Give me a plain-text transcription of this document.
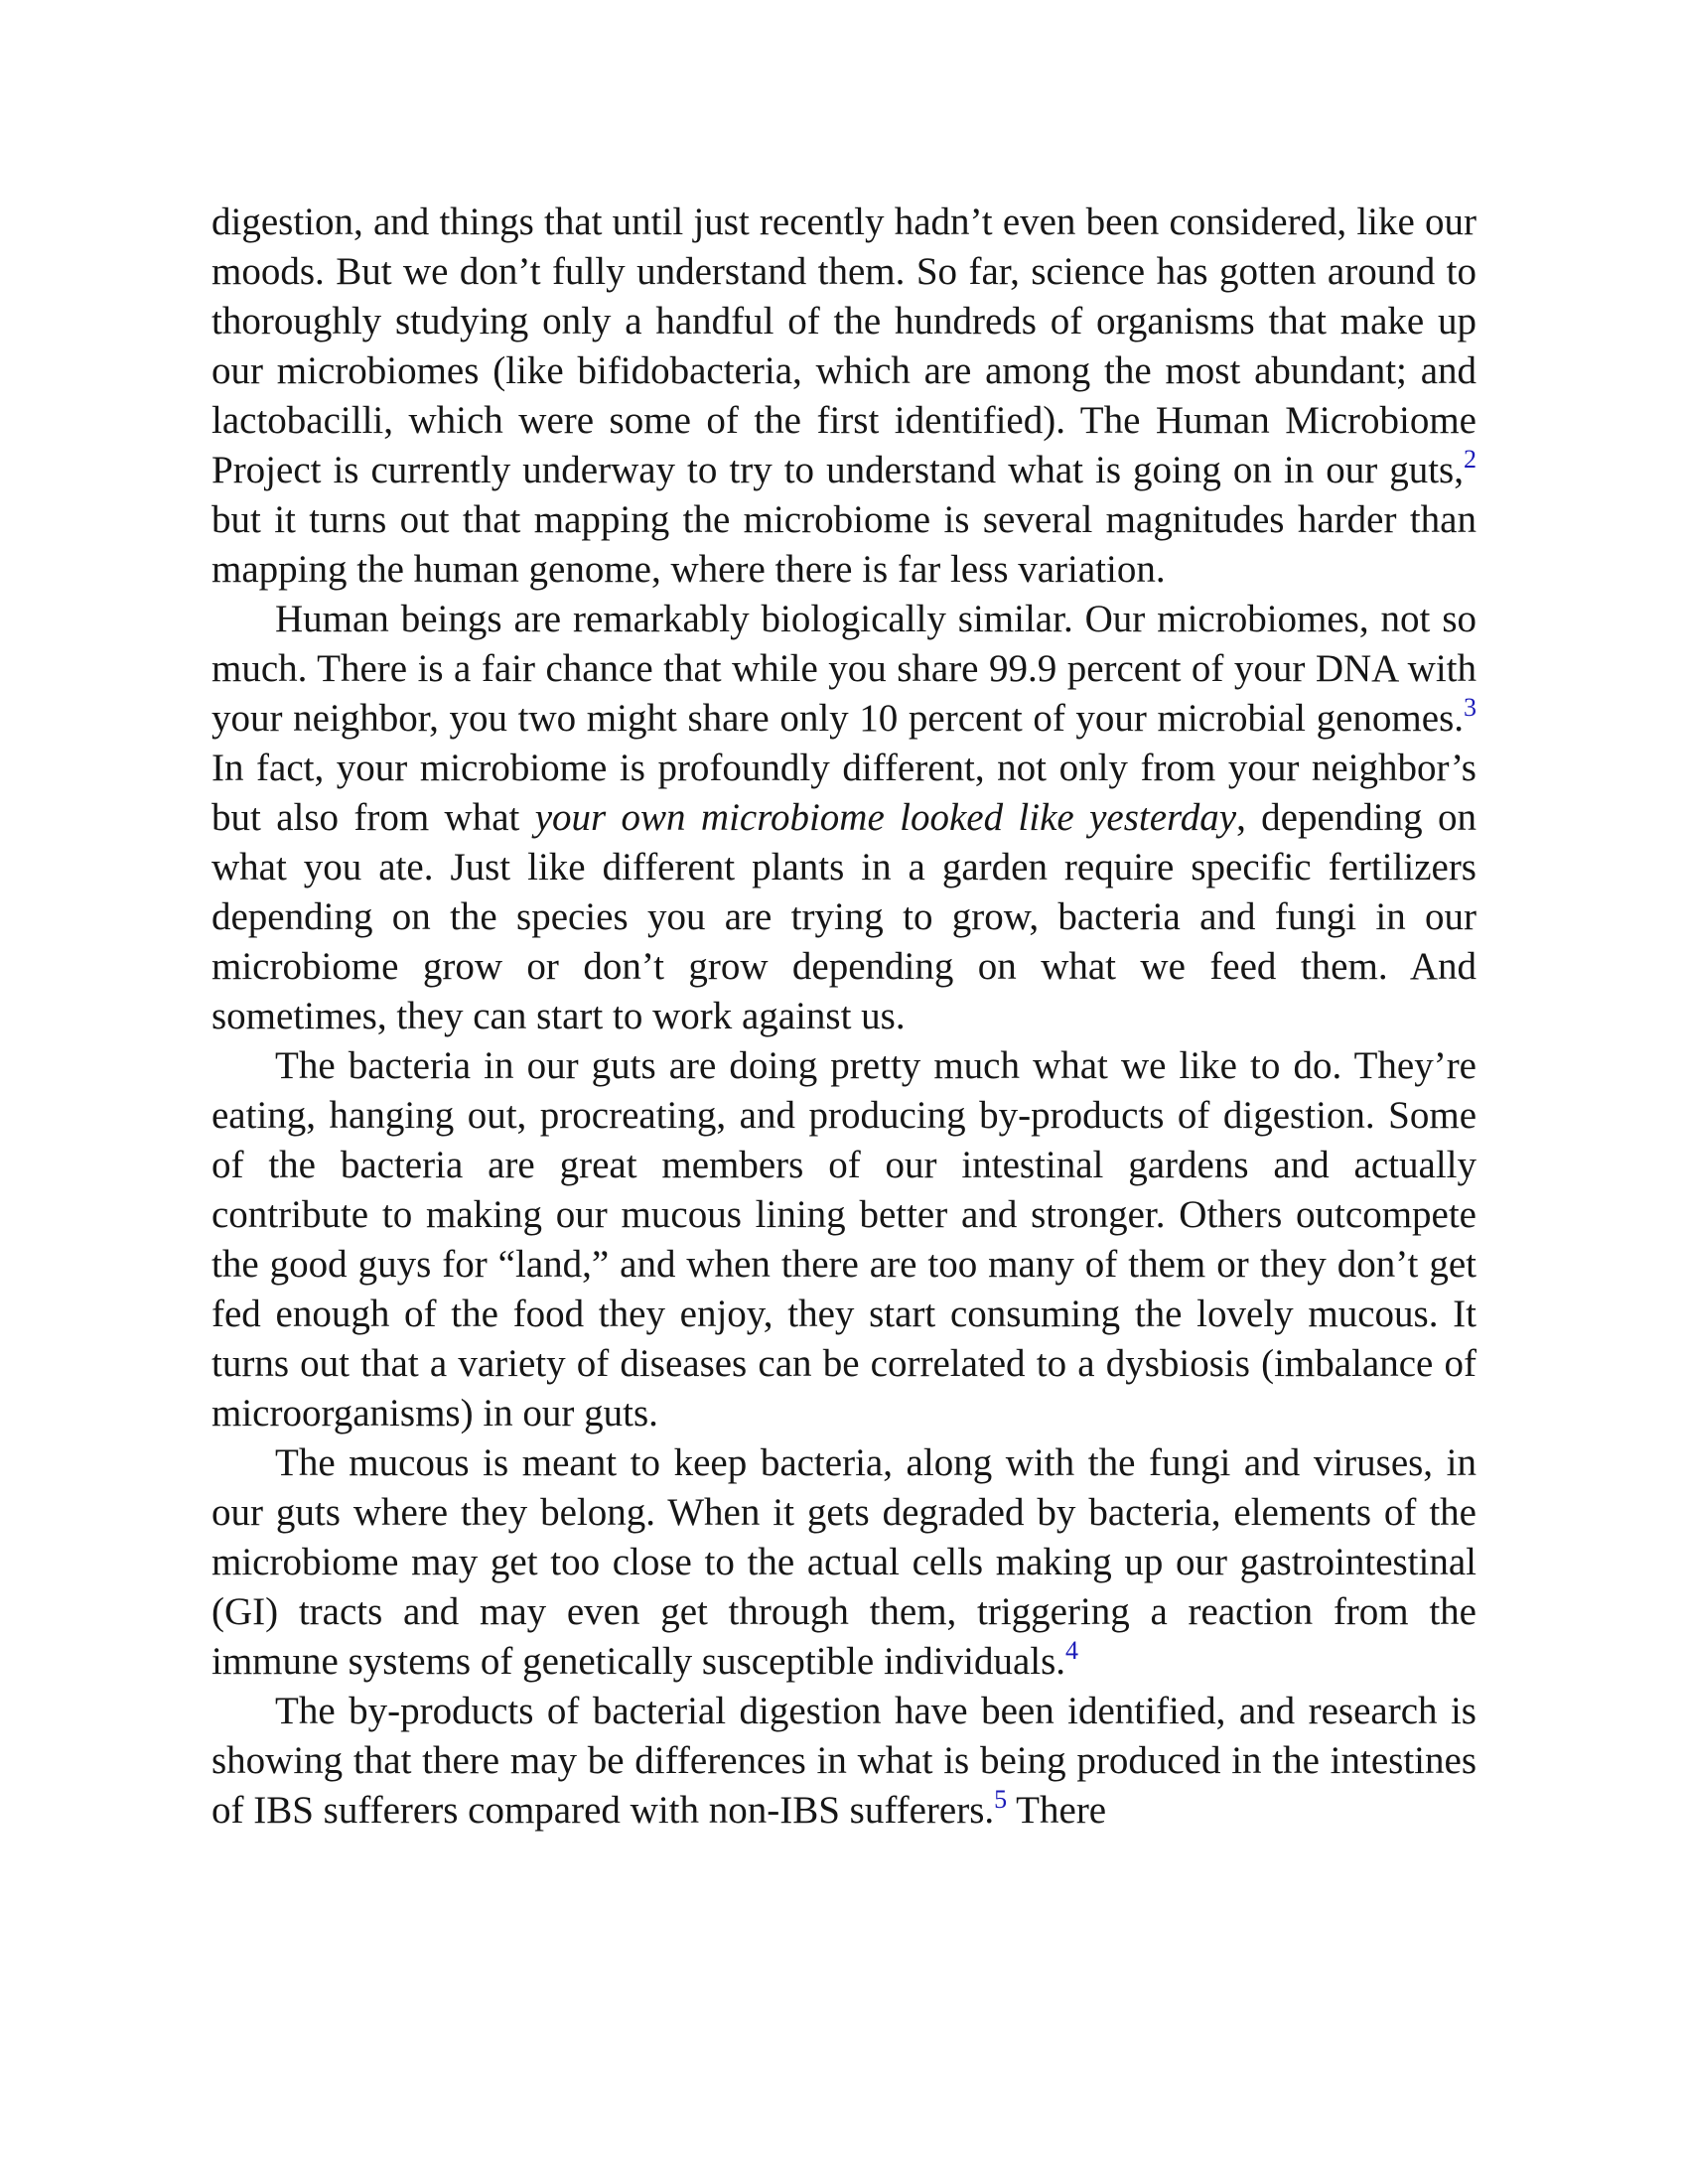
digestion, and things that until just recently hadn’t even been considered, like our moods. But we don’t fully understand them. So far, science has gotten around to thoroughly studying only a handful of the hundreds of organisms that make up our microbiomes (like bifidobacteria, which are among the most abundant; and lactobacilli, which were some of the first identified). The Human Microbiome Project is currently underway to try to understand what is going on in our guts,$^2$ but it turns out that mapping the microbiome is several magnitudes harder than mapping the human genome, where there is far less variation.

Human beings are remarkably biologically similar. Our microbiomes, not so much. There is a fair chance that while you share 99.9 percent of your DNA with your neighbor, you two might share only 10 percent of your microbial genomes.$^3$ In fact, your microbiome is profoundly different, not only from your neighbor’s but also from what your own microbiome looked like yesterday, depending on what you ate. Just like different plants in a garden require specific fertilizers depending on the species you are trying to grow, bacteria and fungi in our microbiome grow or don’t grow depending on what we feed them. And sometimes, they can start to work against us.

The bacteria in our guts are doing pretty much what we like to do. They’re eating, hanging out, procreating, and producing by-products of digestion. Some of the bacteria are great members of our intestinal gardens and actually contribute to making our mucous lining better and stronger. Others outcompete the good guys for “land,” and when there are too many of them or they don’t get fed enough of the food they enjoy, they start consuming the lovely mucous. It turns out that a variety of diseases can be correlated to a dysbiosis (imbalance of microorganisms) in our guts.

The mucous is meant to keep bacteria, along with the fungi and viruses, in our guts where they belong. When it gets degraded by bacteria, elements of the microbiome may get too close to the actual cells making up our gastrointestinal (GI) tracts and may even get through them, triggering a reaction from the immune systems of genetically susceptible individuals.$^4$

The by-products of bacterial digestion have been identified, and research is showing that there may be differences in what is being produced in the intestines of IBS sufferers compared with non-IBS sufferers.$^5$ There
